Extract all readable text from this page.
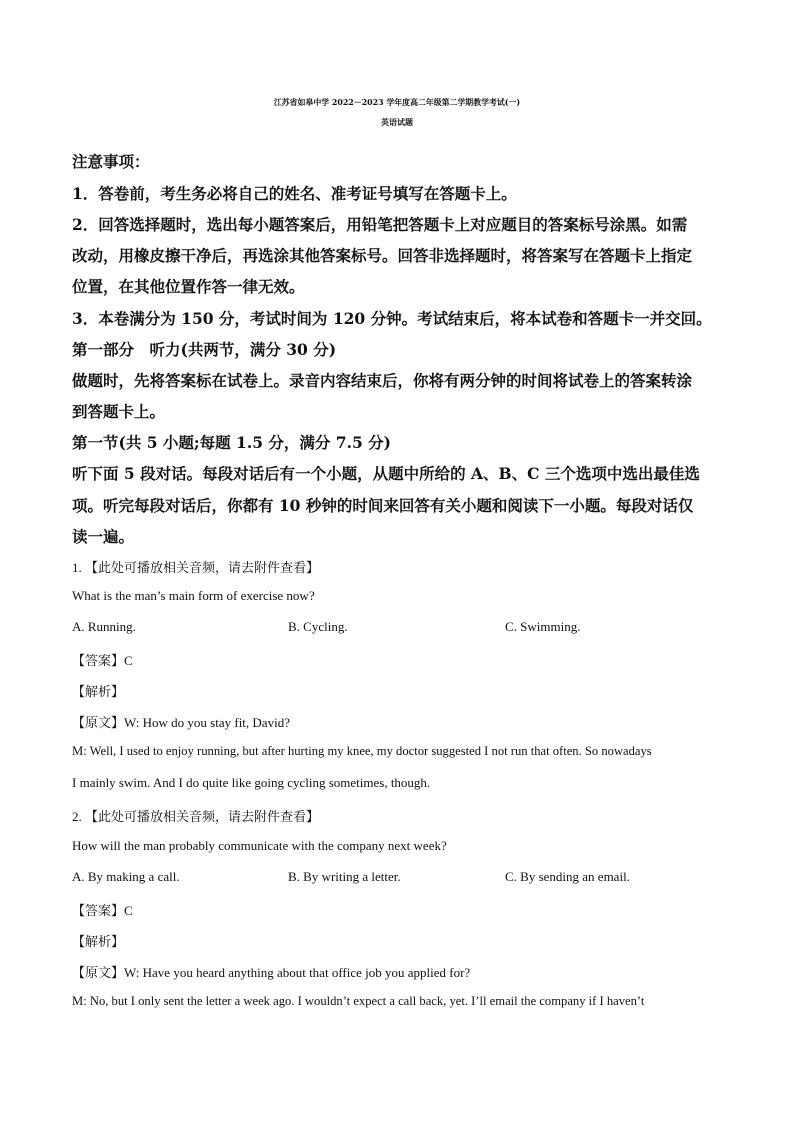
江苏省如皋中学 2022－2023 学年度高二年级第二学期教学考试(一)
英语试题
注意事项：
1．答卷前，考生务必将自己的姓名、准考证号填写在答题卡上。
2．回答选择题时，选出每小题答案后，用铅笔把答题卡上对应题目的答案标号涂黑。如需
改动，用橡皮擦干净后，再选涂其他答案标号。回答非选择题时，将答案写在答题卡上指定
位置，在其他位置作答一律无效。
3．本卷满分为 150 分，考试时间为 120 分钟。考试结束后，将本试卷和答题卡一并交回。
第一部分　听力(共两节，满分 30 分)
做题时，先将答案标在试卷上。录音内容结束后，你将有两分钟的时间将试卷上的答案转涂
到答题卡上。
第一节(共 5 小题;每题 1.5 分，满分 7.5 分)
听下面 5 段对话。每段对话后有一个小题，从题中所给的 A、B、C 三个选项中选出最佳选
项。听完每段对话后，你都有 10 秒钟的时间来回答有关小题和阅读下一小题。每段对话仅
读一遍。
1. 【此处可播放相关音频，请去附件查看】
What is the man’s main form of exercise now?
A. Running.	B. Cycling.	C. Swimming.
【答案】C
【解析】
【原文】W: How do you stay fit, David?
M: Well, I used to enjoy running, but after hurting my knee, my doctor suggested I not run that often. So nowadays
I mainly swim. And I do quite like going cycling sometimes, though.
2. 【此处可播放相关音频，请去附件查看】
How will the man probably communicate with the company next week?
A. By making a call.	B. By writing a letter.	C. By sending an email.
【答案】C
【解析】
【原文】W: Have you heard anything about that office job you applied for?
M: No, but I only sent the letter a week ago. I wouldn’t expect a call back, yet. I’ll email the company if I haven’t
